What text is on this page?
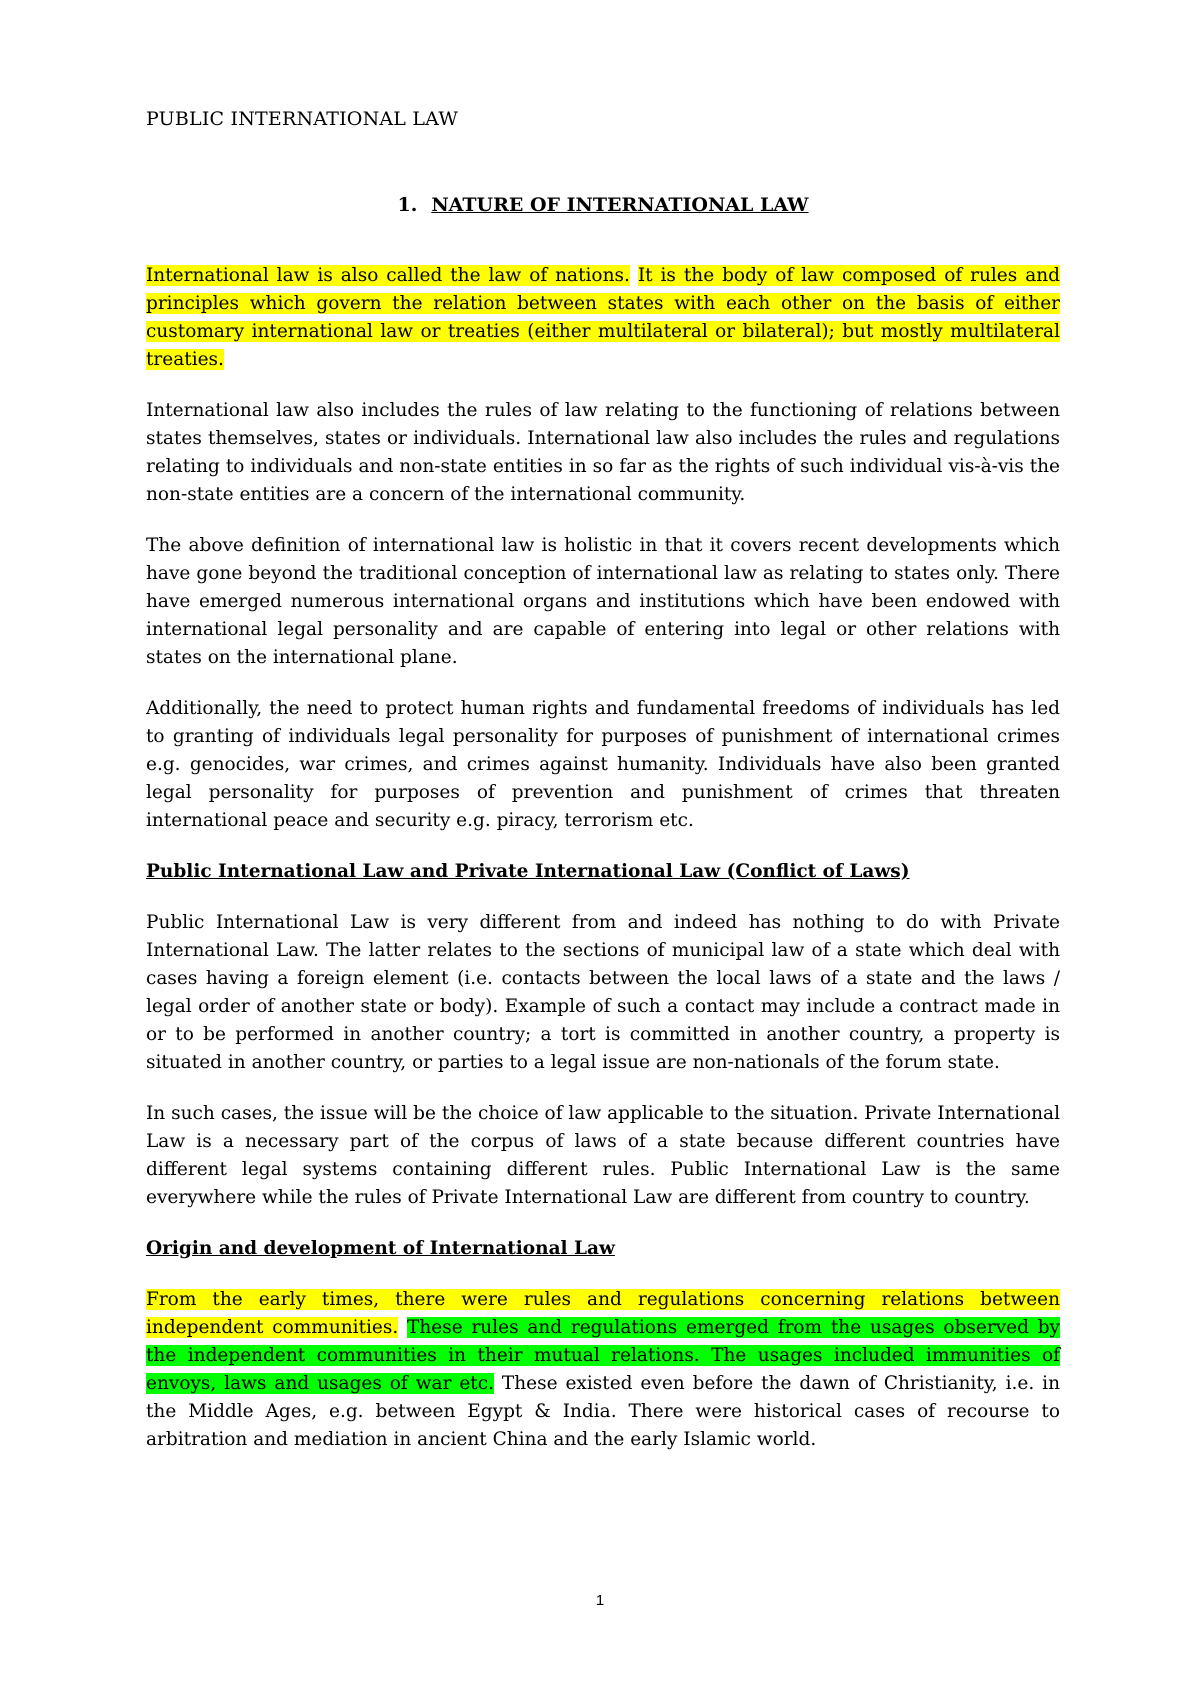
PUBLIC INTERNATIONAL LAW
1. NATURE OF INTERNATIONAL LAW

International law is also called the law of nations. It is the body of law composed of rules and principles which govern the relation between states with each other on the basis of either customary international law or treaties (either multilateral or bilateral); but mostly multilateral treaties.

International law also includes the rules of law relating to the functioning of relations between states themselves, states or individuals. International law also includes the rules and regulations relating to individuals and non-state entities in so far as the rights of such individual vis-à-vis the non-state entities are a concern of the international community.

The above definition of international law is holistic in that it covers recent developments which have gone beyond the traditional conception of international law as relating to states only. There have emerged numerous international organs and institutions which have been endowed with international legal personality and are capable of entering into legal or other relations with states on the international plane.

Additionally, the need to protect human rights and fundamental freedoms of individuals has led to granting of individuals legal personality for purposes of punishment of international crimes e.g. genocides, war crimes, and crimes against humanity. Individuals have also been granted legal personality for purposes of prevention and punishment of crimes that threaten international peace and security e.g. piracy, terrorism etc.

Public International Law and Private International Law (Conflict of Laws)

Public International Law is very different from and indeed has nothing to do with Private International Law. The latter relates to the sections of municipal law of a state which deal with cases having a foreign element (i.e. contacts between the local laws of a state and the laws / legal order of another state or body). Example of such a contact may include a contract made in or to be performed in another country; a tort is committed in another country, a property is situated in another country, or parties to a legal issue are non-nationals of the forum state.

In such cases, the issue will be the choice of law applicable to the situation. Private International Law is a necessary part of the corpus of laws of a state because different countries have different legal systems containing different rules. Public International Law is the same everywhere while the rules of Private International Law are different from country to country.

Origin and development of International Law

From the early times, there were rules and regulations concerning relations between independent communities. These rules and regulations emerged from the usages observed by the independent communities in their mutual relations. The usages included immunities of envoys, laws and usages of war etc. These existed even before the dawn of Christianity, i.e. in the Middle Ages, e.g. between Egypt & India. There were historical cases of recourse to arbitration and mediation in ancient China and the early Islamic world.

1
